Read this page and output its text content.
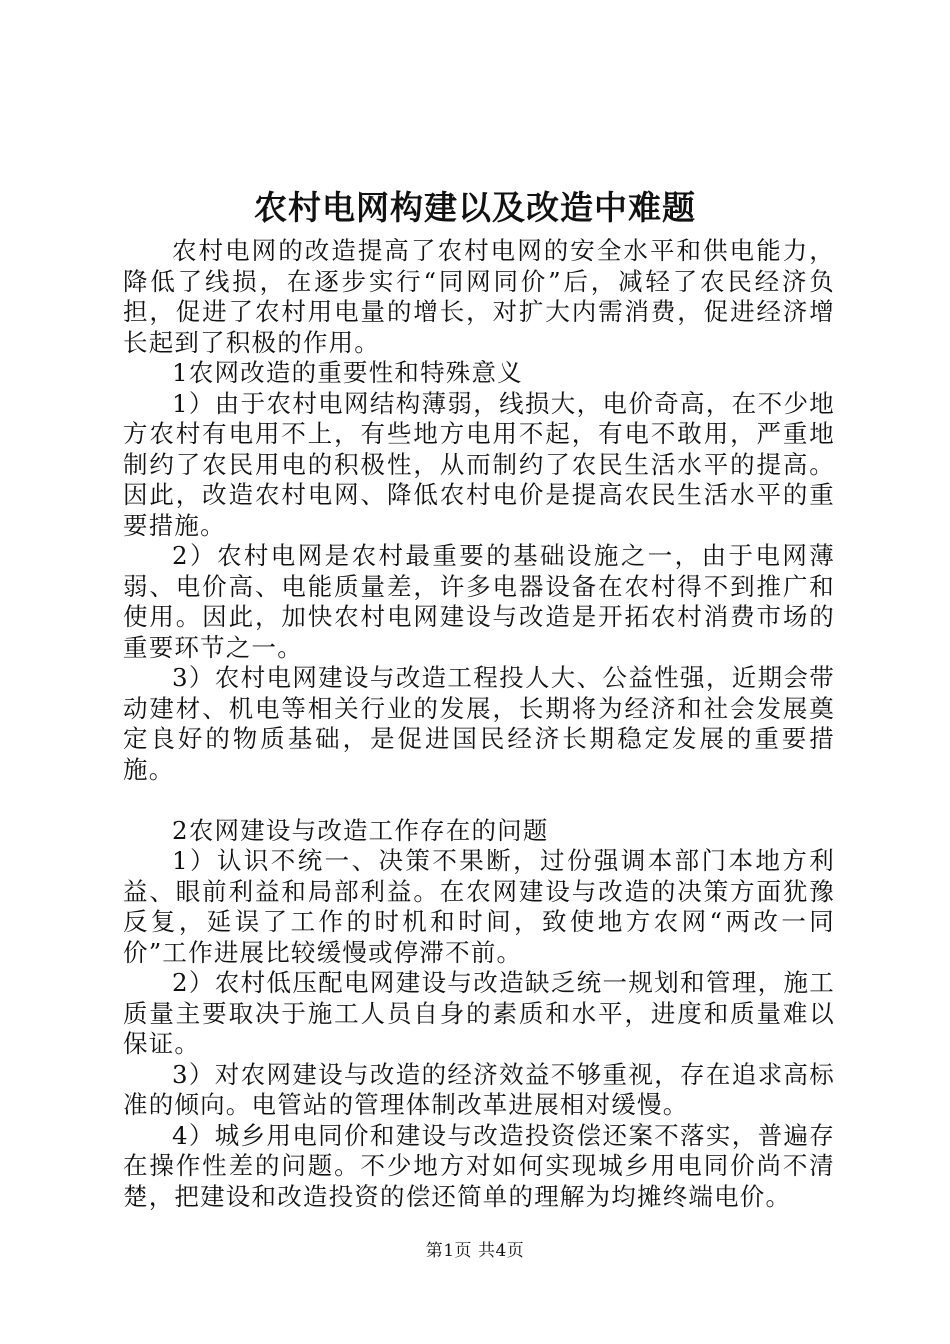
农村电网构建以及改造中难题

农村电网的改造提高了农村电网的安全水平和供电能力，降低了线损，在逐步实行“同网同价”后，减轻了农民经济负担，促进了农村用电量的增长，对扩大内需消费，促进经济增长起到了积极的作用。

1农网改造的重要性和特殊意义

1）由于农村电网结构薄弱，线损大，电价奇高，在不少地方农村有电用不上，有些地方电用不起，有电不敢用，严重地制约了农民用电的积极性，从而制约了农民生活水平的提高。因此，改造农村电网、降低农村电价是提高农民生活水平的重要措施。

2）农村电网是农村最重要的基础设施之一，由于电网薄弱、电价高、电能质量差，许多电器设备在农村得不到推广和使用。因此，加快农村电网建设与改造是开拓农村消费市场的重要环节之一。

3）农村电网建设与改造工程投人大、公益性强，近期会带动建材、机电等相关行业的发展，长期将为经济和社会发展奠定良好的物质基础，是促进国民经济长期稳定发展的重要措施。

2农网建设与改造工作存在的问题

1）认识不统一、决策不果断，过份强调本部门本地方利益、眼前利益和局部利益。在农网建设与改造的决策方面犹豫反复，延误了工作的时机和时间，致使地方农网“两改一同价”工作进展比较缓慢或停滞不前。

2）农村低压配电网建设与改造缺乏统一规划和管理，施工质量主要取决于施工人员自身的素质和水平，进度和质量难以保证。

3）对农网建设与改造的经济效益不够重视，存在追求高标准的倾向。电管站的管理体制改革进展相对缓慢。

4）城乡用电同价和建设与改造投资偿还案不落实，普遍存在操作性差的问题。不少地方对如何实现城乡用电同价尚不清楚，把建设和改造投资的偿还简单的理解为均摊终端电价。

第1页 共4页
